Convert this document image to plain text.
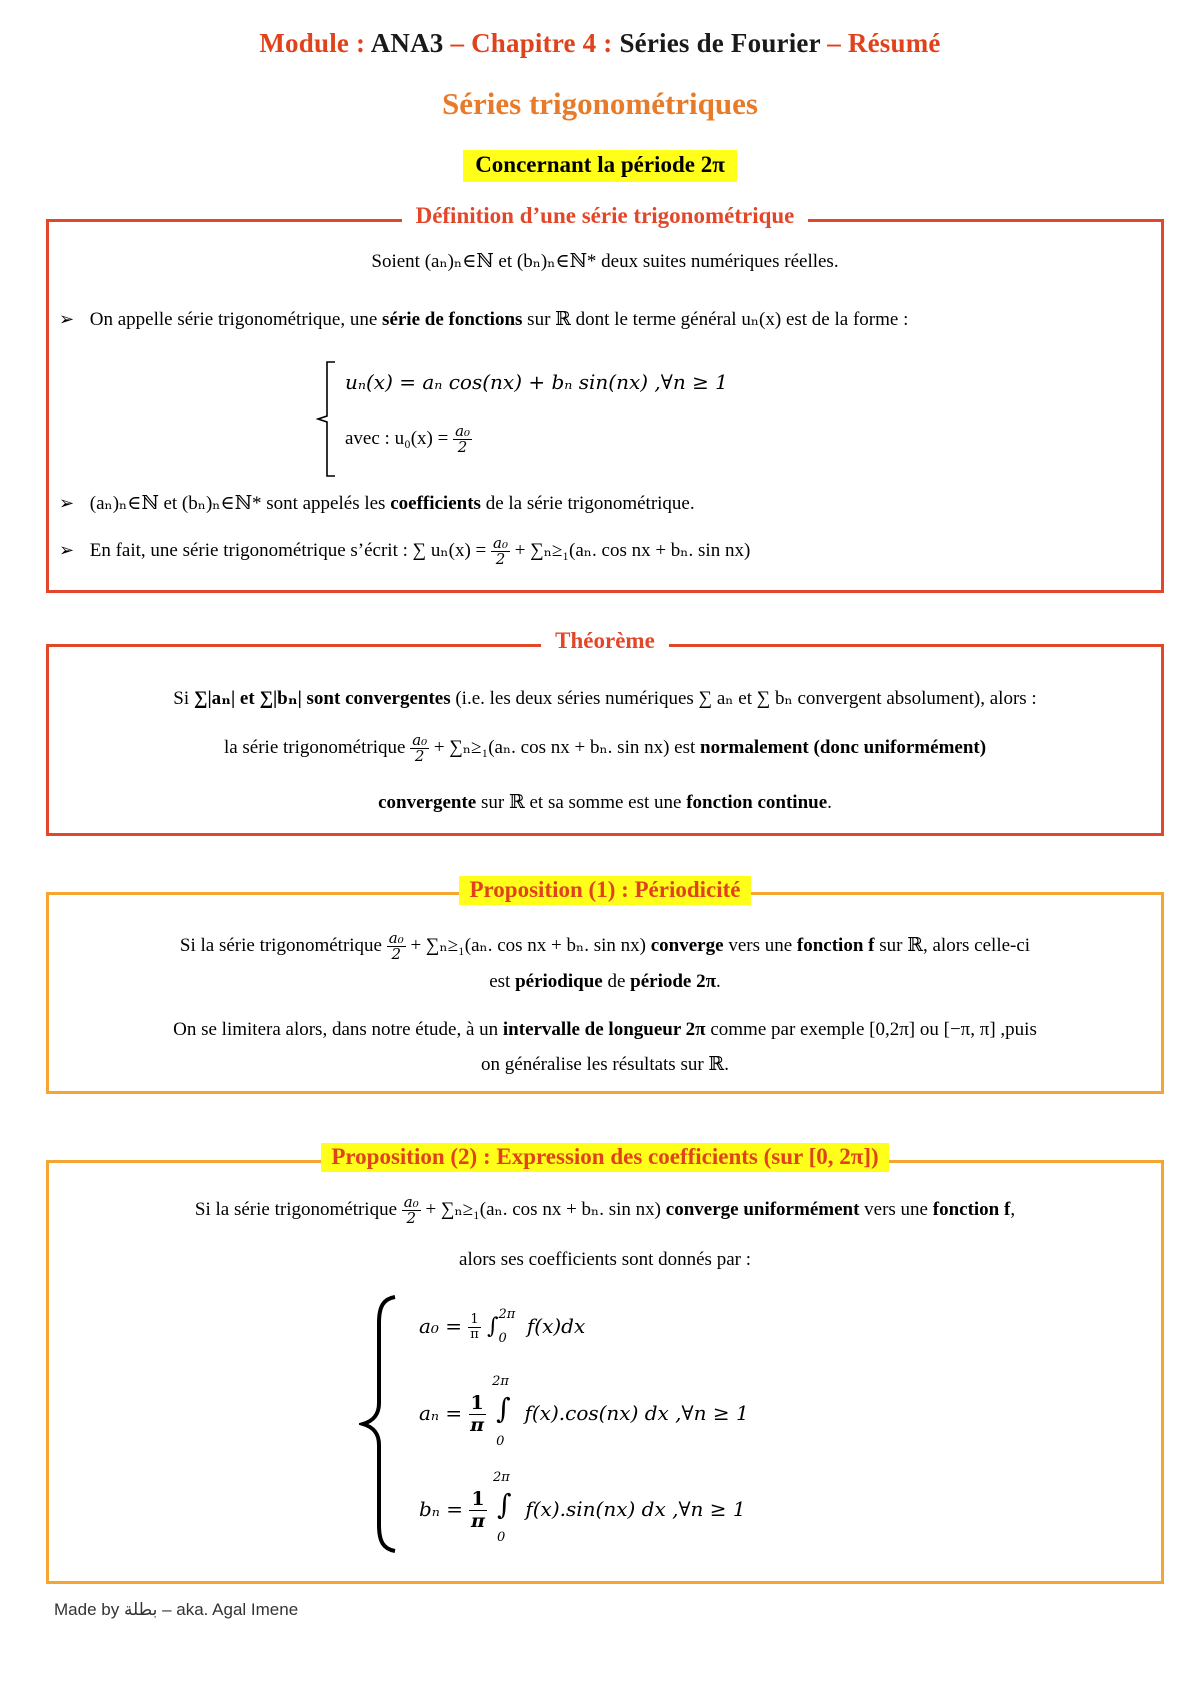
Module : ANA3 – Chapitre 4 : Séries de Fourier – Résumé
Séries trigonométriques
Concernant la période 2π
Définition d’une série trigonométrique
Soient (aₙ)ₙ∈ℕ et (bₙ)ₙ∈ℕ* deux suites numériques réelles.
➢ On appelle série trigonométrique, une série de fonctions sur ℝ dont le terme général uₙ(x) est de la forme :
uₙ(x) = aₙ cos(nx) + bₙ sin(nx) ,∀n ≥ 1
avec : $u_0(x) = \frac{\text{a₀}}{2}$
➢ (aₙ)ₙ∈ℕ et (bₙ)ₙ∈ℕ* sont appelés les coefficients de la série trigonométrique.
➢ En fait, une série trigonométrique s’écrit : ∑ $u_n(x) = \frac{\text{a₀}}{2} + \sum_n\ge_1(a_n$. cos nx + bₙ. sin nx)
Théorème
Si ∑|aₙ| et ∑|bₙ| sont convergentes (i.e. les deux séries numériques ∑ aₙ et ∑ bₙ convergent absolument), alors :
la série trigonométrique $\frac{\text{a₀}}{2} + \sum_n\ge_1(a_n$. cos nx + bₙ. sin nx) est normalement (donc uniformément)
convergente sur ℝ et sa somme est une fonction continue.
Proposition (1) : Périodicité
Si la série trigonométrique $\frac{\text{a₀}}{2} + \sum_n\ge_1(a_n$. cos nx + bₙ. sin nx) converge vers une fonction f sur ℝ, alors celle-ci
est périodique de période 2π.
On se limitera alors, dans notre étude, à un intervalle de longueur 2π comme par exemple [0,2π] ou [−π, π] ,puis
on généralise les résultats sur ℝ.
Proposition (2) : Expression des coefficients (sur [0, 2π])
Si la série trigonométrique $\frac{\text{a₀}}{2} + \sum_n\ge_1(a_n$. cos nx + bₙ. sin nx) converge uniformément vers une fonction f,
alors ses coefficients sont donnés par :
$a_0 = \frac{1}{\pi}$ ∫ 2π
0
f(x)dx
$a_n = \frac{1}{\pi}$

2π
∫
0
f(x).cos(nx) dx ,∀n ≥ 1
$b_n = \frac{1}{\pi}$

2π
∫
0
f(x).sin(nx) dx ,∀n ≥ 1
Made by بطلة – aka. Agal Imene
